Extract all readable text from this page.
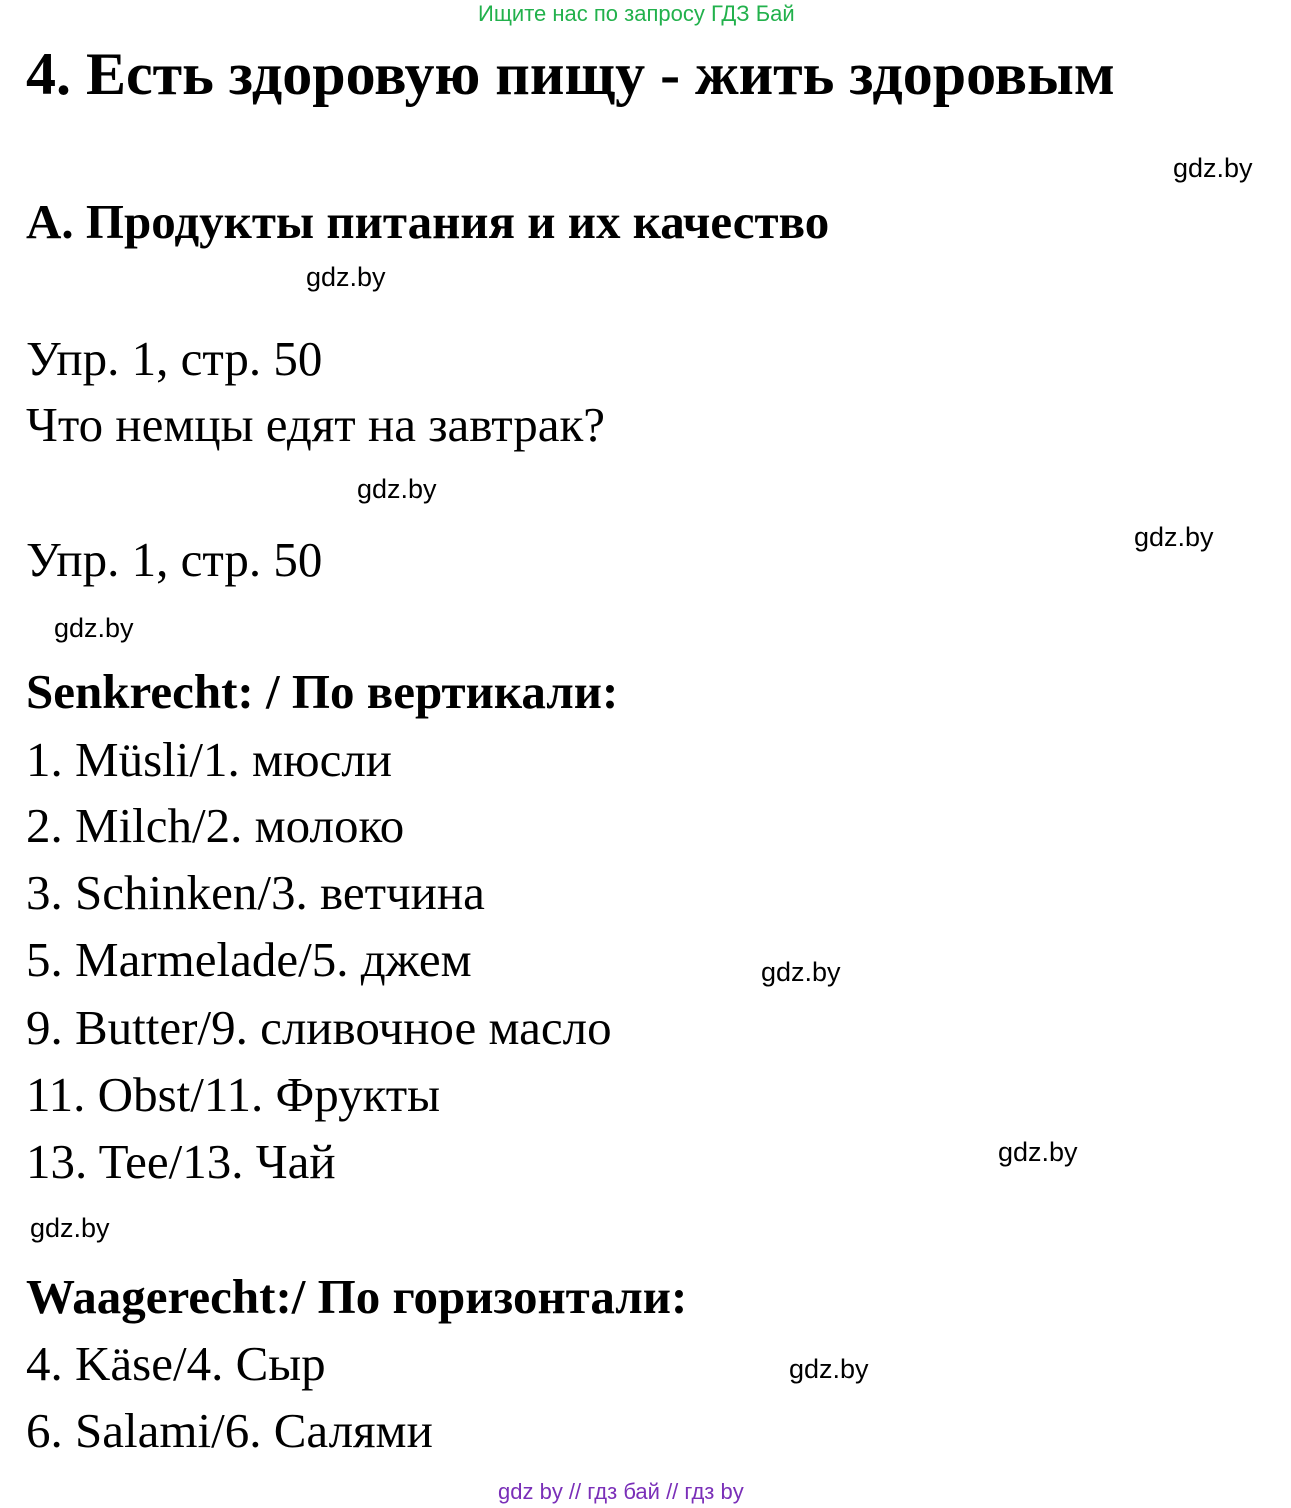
Ищите нас по запросу ГДЗ Бай
4. Есть здоровую пищу - жить здоровым
gdz.by
A. Продукты питания и их качество
gdz.by
Упр. 1, стр. 50
Что немцы едят на завтрак?
gdz.by
gdz.by
Упр. 1, стр. 50
gdz.by
Senkrecht: / По вертикали:
1. Müsli/1. мюсли
2. Milch/2. молоко
3. Schinken/3. ветчина
5. Marmelade/5. джем	gdz.by
9. Butter/9. сливочное масло
11. Obst/11. Фрукты
gdz.by
13. Tee/13. Чай
gdz.by
Waagerecht:/ По горизонтали:
4. Käse/4. Сыр	gdz.by
6. Salami/6. Салями
gdz by // гдз бай // гдз by
